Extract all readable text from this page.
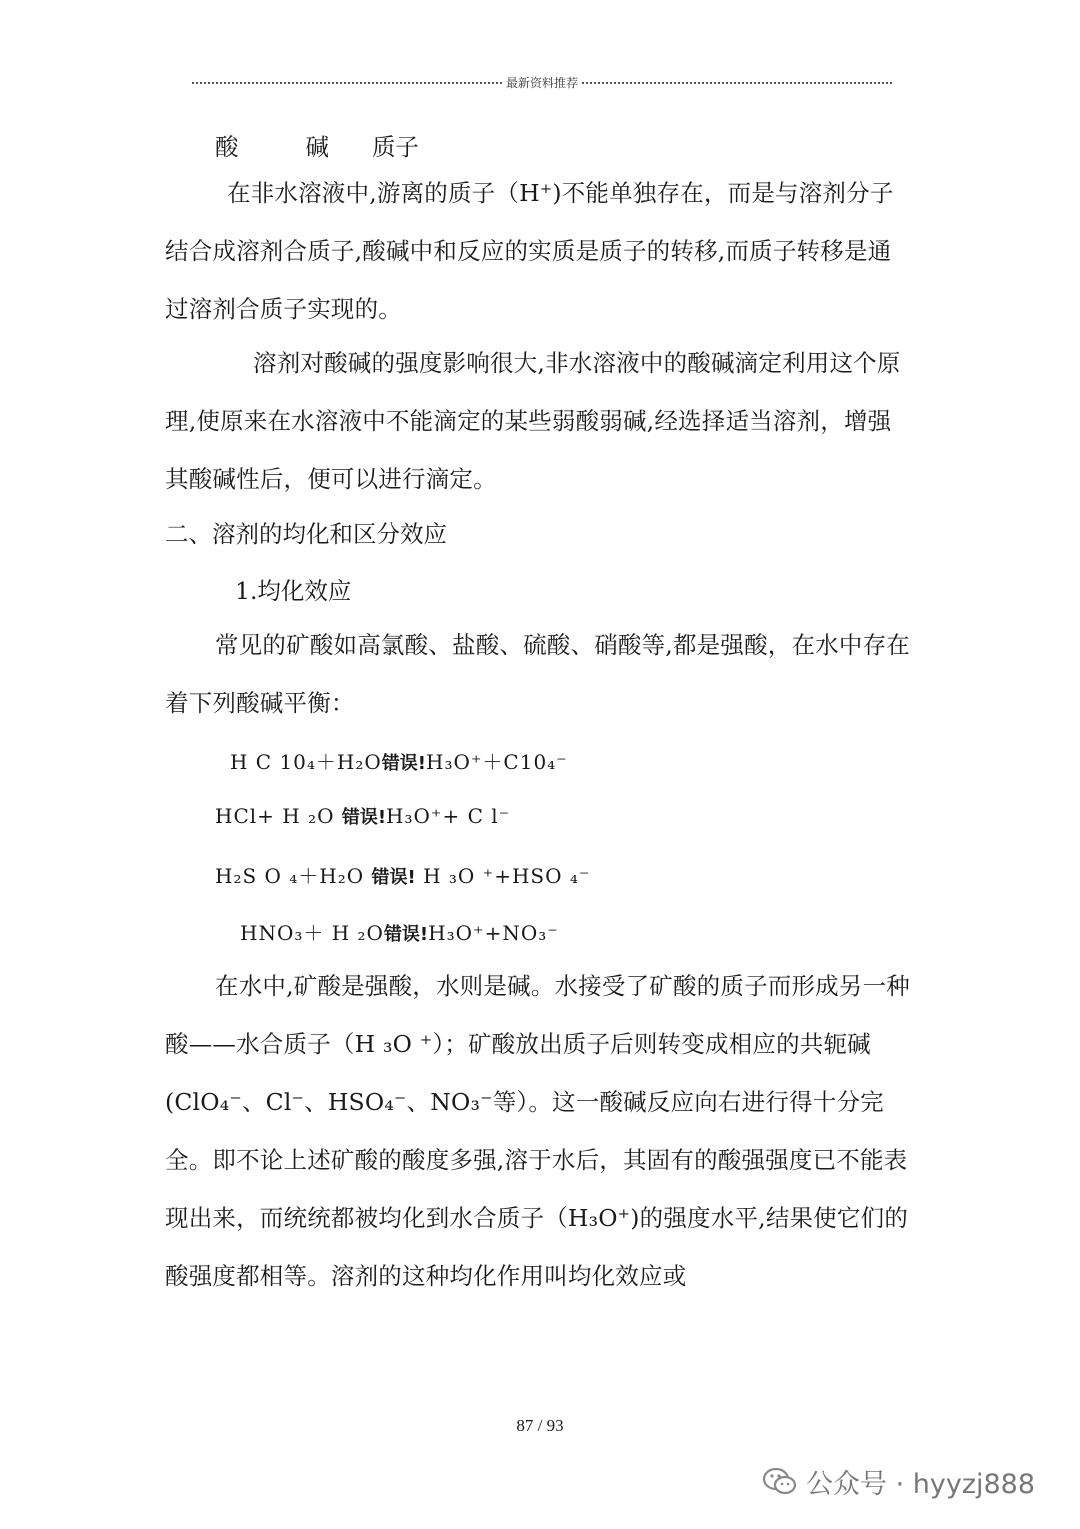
最新资料推荐
酸	碱 质子

在非水溶液中,游离的质子（H⁺)不能单独存在，而是与溶剂分子结合成溶剂合质子,酸碱中和反应的实质是质子的转移,而质子转移是通过溶剂合质子实现的。

溶剂对酸碱的强度影响很大,非水溶液中的酸碱滴定利用这个原理,使原来在水溶液中不能滴定的某些弱酸弱碱,经选择适当溶剂，增强其酸碱性后，便可以进行滴定。

二、溶剂的均化和区分效应
1.均化效应

常见的矿酸如高氯酸、盐酸、硫酸、硝酸等,都是强酸，在水中存在着下列酸碱平衡：

H C 10₄＋H₂O错误!H₃O⁺＋C10₄⁻
HCl+ H ₂O 错误!H₃O⁺+ C l⁻
H₂S O ₄＋H₂O 错误! H ₃O ⁺+HSO ₄⁻
HNO₃＋ H ₂O错误!H₃O⁺+NO₃⁻

在水中,矿酸是强酸，水则是碱。水接受了矿酸的质子而形成另一种酸——水合质子（H ₃O ⁺）；矿酸放出质子后则转变成相应的共轭碱(ClO₄⁻、Cl⁻、HSO₄⁻、NO₃⁻等）。这一酸碱反应向右进行得十分完全。即不论上述矿酸的酸度多强,溶于水后，其固有的酸强强度已不能表现出来，而统统都被均化到水合质子（H₃O⁺)的强度水平,结果使它们的酸强度都相等。溶剂的这种均化作用叫均化效应或

87 / 93
公众号 · hyyzj888
